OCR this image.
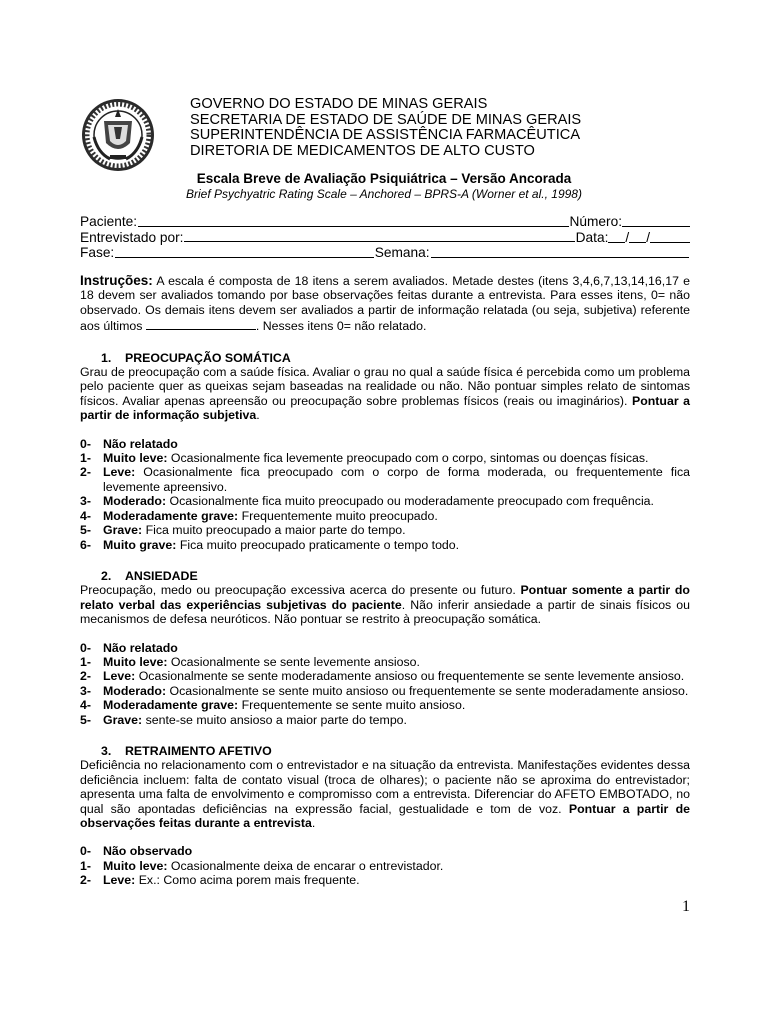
GOVERNO DO ESTADO DE MINAS GERAIS
SECRETARIA DE ESTADO DE SAÚDE DE MINAS GERAIS
SUPERINTENDÊNCIA DE ASSISTÊNCIA FARMACÊUTICA
DIRETORIA DE MEDICAMENTOS DE ALTO CUSTO
Escala Breve de Avaliação Psiquiátrica – Versão Ancorada
Brief Psychyatric Rating Scale – Anchored – BPRS-A (Worner et al., 1998)
Paciente:	Número:
Entrevistado por:	Data: / /
Fase:	Semana:

Instruções: A escala é composta de 18 itens a serem avaliados. Metade destes (itens 3,4,6,7,13,14,16,17 e 18 devem ser avaliados tomando por base observações feitas durante a entrevista. Para esses itens, 0= não observado. Os demais itens devem ser avaliados a partir de informação relatada (ou seja, subjetiva) referente aos últimos	. Nesses itens 0= não relatado.

1. PREOCUPAÇÃO SOMÁTICA

Grau de preocupação com a saúde física. Avaliar o grau no qual a saúde física é percebida como um problema pelo paciente quer as queixas sejam baseadas na realidade ou não. Não pontuar simples relato de sintomas físicos. Avaliar apenas apreensão ou preocupação sobre problemas físicos (reais ou imaginários). Pontuar a partir de informação subjetiva.

0- Não relatado
1- Muito leve: Ocasionalmente fica levemente preocupado com o corpo, sintomas ou doenças físicas.
2- Leve: Ocasionalmente fica preocupado com o corpo de forma moderada, ou frequentemente fica levemente apreensivo.
3- Moderado: Ocasionalmente fica muito preocupado ou moderadamente preocupado com frequência.
4- Moderadamente grave: Frequentemente muito preocupado.
5- Grave: Fica muito preocupado a maior parte do tempo.
6- Muito grave: Fica muito preocupado praticamente o tempo todo.
2. ANSIEDADE

Preocupação, medo ou preocupação excessiva acerca do presente ou futuro. Pontuar somente a partir do relato verbal das experiências subjetivas do paciente. Não inferir ansiedade a partir de sinais físicos ou mecanismos de defesa neuróticos. Não pontuar se restrito à preocupação somática.

0- Não relatado
1- Muito leve: Ocasionalmente se sente levemente ansioso.
2- Leve: Ocasionalmente se sente moderadamente ansioso ou frequentemente se sente levemente ansioso.
3- Moderado: Ocasionalmente se sente muito ansioso ou frequentemente se sente moderadamente ansioso.
4- Moderadamente grave: Frequentemente se sente muito ansioso.
5- Grave: sente-se muito ansioso a maior parte do tempo.
3. RETRAIMENTO AFETIVO

Deficiência no relacionamento com o entrevistador e na situação da entrevista. Manifestações evidentes dessa deficiência incluem: falta de contato visual (troca de olhares); o paciente não se aproxima do entrevistador; apresenta uma falta de envolvimento e compromisso com a entrevista. Diferenciar do AFETO EMBOTADO, no qual são apontadas deficiências na expressão facial, gestualidade e tom de voz. Pontuar a partir de observações feitas durante a entrevista.

0- Não observado
1- Muito leve: Ocasionalmente deixa de encarar o entrevistador.
2- Leve: Ex.: Como acima porem mais frequente.
1
